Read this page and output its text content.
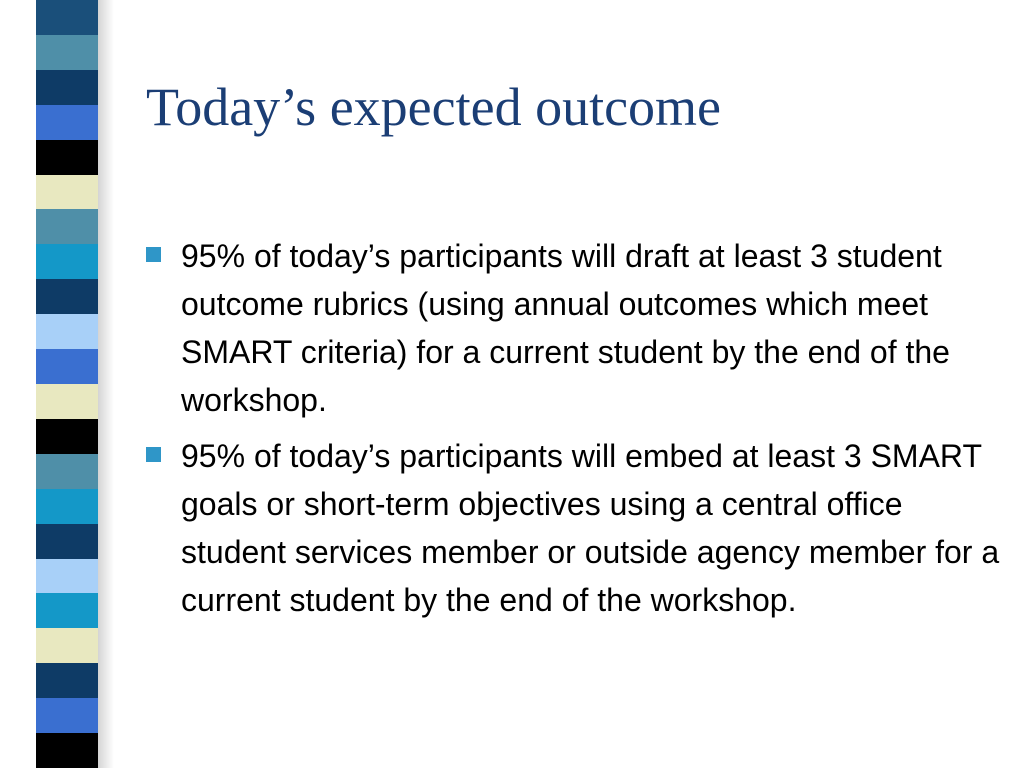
Today’s expected outcome
95% of today’s participants will draft at least 3 student outcome rubrics (using annual outcomes which meet SMART criteria) for a current student by the end of the workshop.
95% of today’s participants will embed at least 3 SMART goals or short-term objectives using a central office student services member or outside agency member for a current student by the end of the workshop.
